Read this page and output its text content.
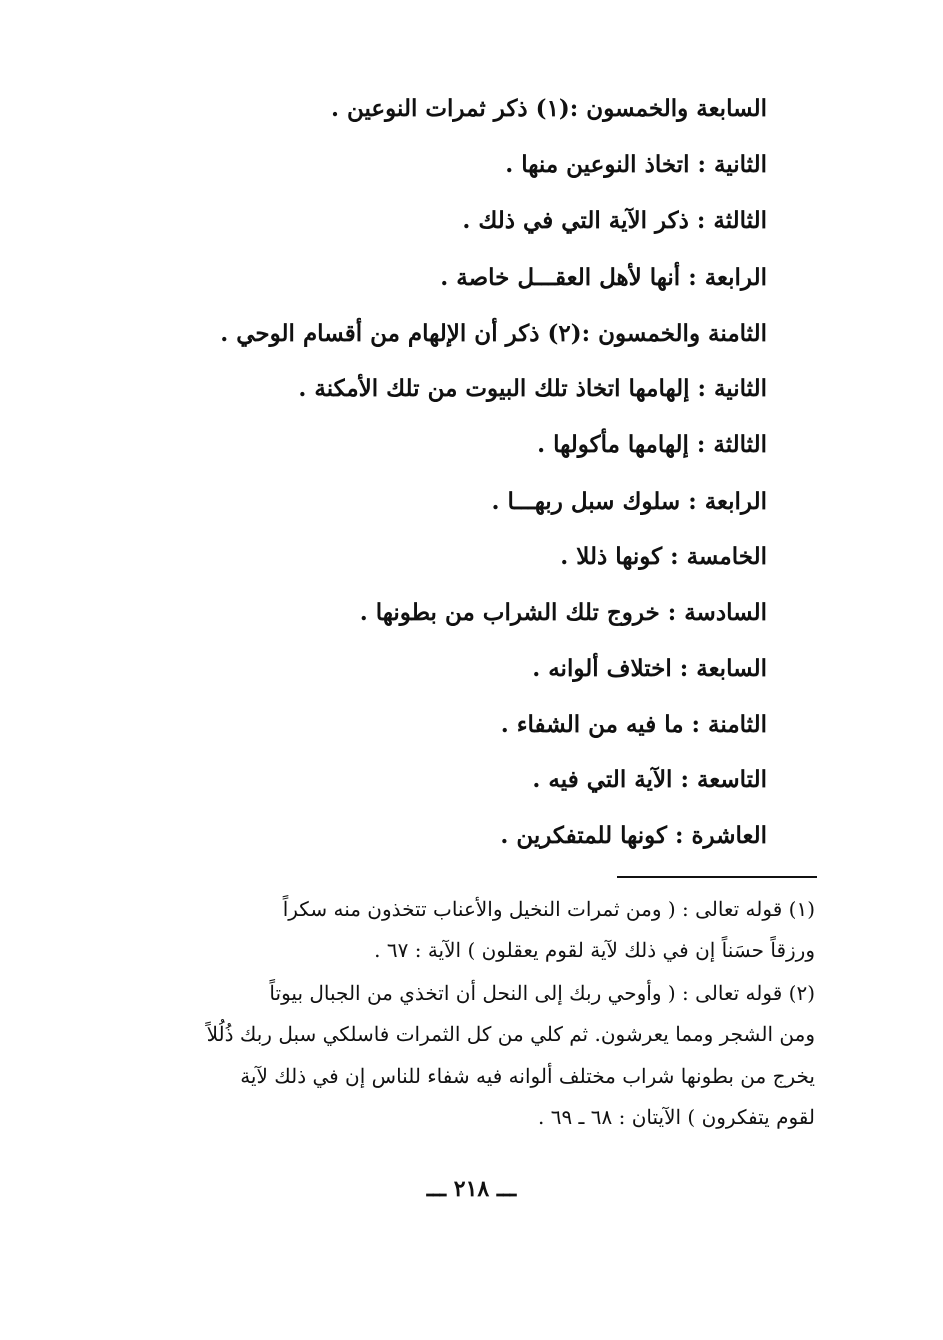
السابعة والخمسون :(١) ذكر ثمرات النوعين .
الثانية : اتخاذ النوعين منها .
الثالثة : ذكر الآية التي في ذلك .
الرابعة : أنها لأهل العقـــل خاصة .
الثامنة والخمسون :(٢) ذكر أن الإلهام من أقسام الوحي .
الثانية : إلهامها اتخاذ تلك البيوت من تلك الأمكنة .
الثالثة : إلهامها مأكولها .
الرابعة : سلوك سبل ربهـــا .
الخامسة : كونها ذللا .
السادسة : خروج تلك الشراب من بطونها .
السابعة : اختلاف ألوانه .
الثامنة : ما فيه من الشفاء .
التاسعة : الآية التي فيه .
العاشرة : كونها للمتفكرين .
(١) قوله تعالى : ( ومن ثمرات النخيل والأعناب تتخذون منه سكراً
ورزقاً حسَناً إن في ذلك لآية لقوم يعقلون ) الآية : ٦٧ .
(٢) قوله تعالى : ( وأوحي ربك إلى النحل أن اتخذي من الجبال بيوتاً
ومن الشجر ومما يعرشون. ثم كلي من كل الثمرات فاسلكي سبل ربك ذُلُلاً
يخرج من بطونها شراب مختلف ألوانه فيه شفاء للناس إن في ذلك لآية
لقوم يتفكرون ) الآيتان : ٦٨ ـ ٦٩ .
ـــ ٢١٨ ـــ
